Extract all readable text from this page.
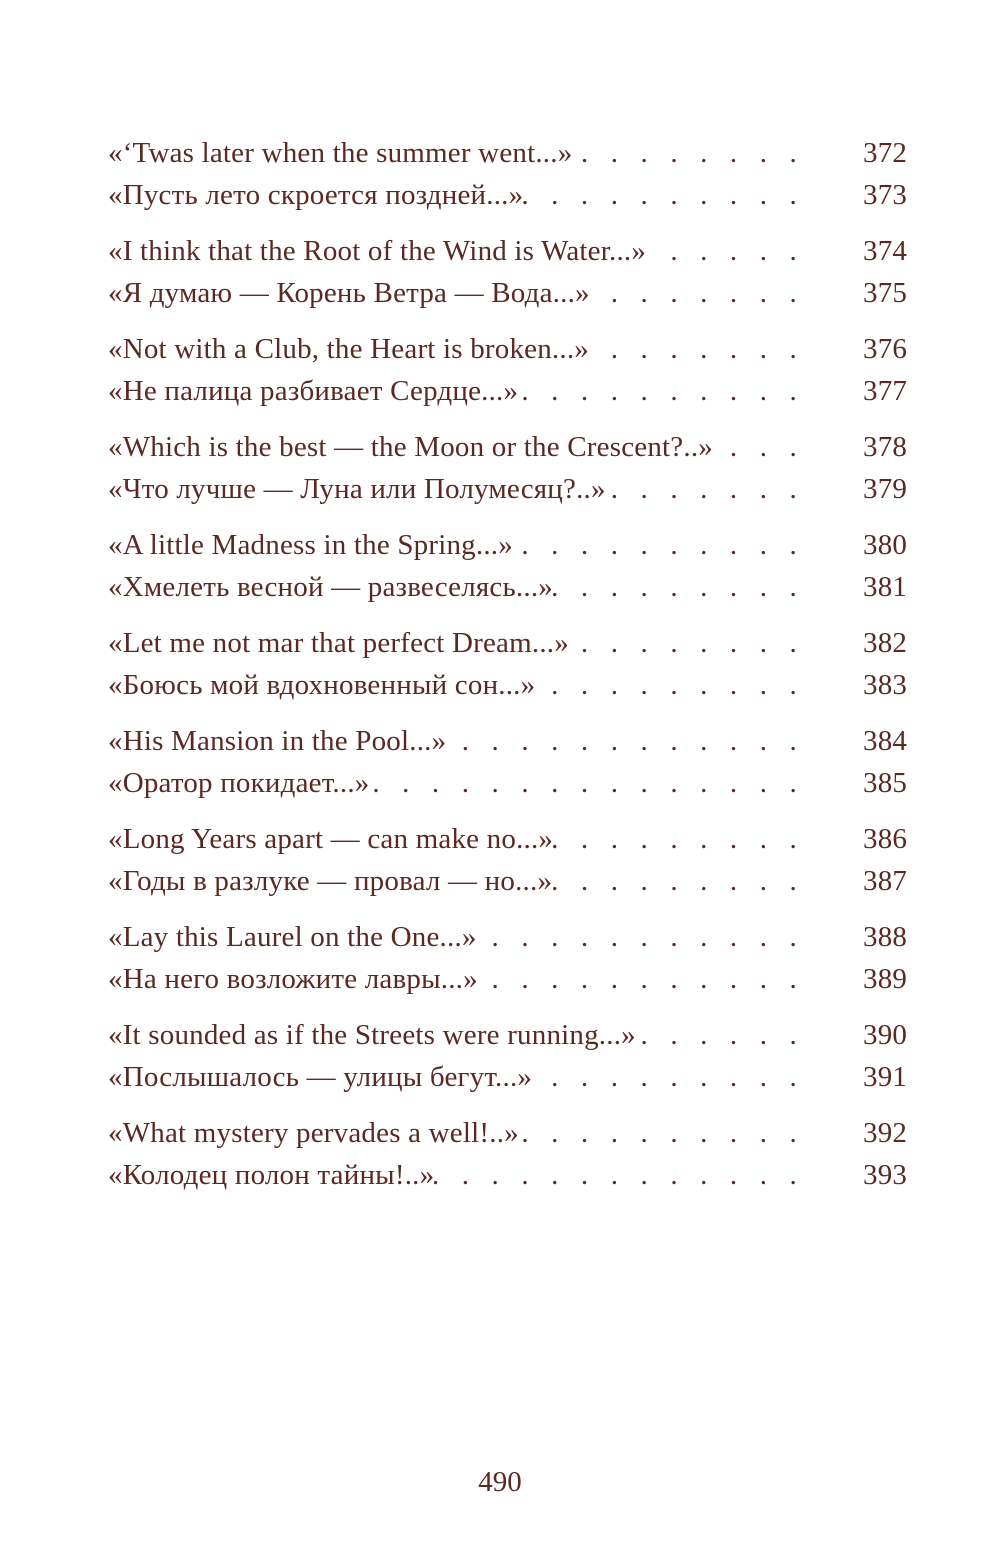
«‘Twas later when the summer went...» .   .	372
«Пусть лето скроется поздней...» .   .	373
«I think that the Root of the Wind is Water...» .   .	374
«Я думаю — Корень Ветра — Вода...» .   .	375
«Not with a Club, the Heart is broken...» .   .	376
«Не палица разбивает Сердце...» .   .	377
«Which is the best — the Moon or the Crescent?..» .   .	378
«Что лучше — Луна или Полумесяц?..» .   .	379
«A little Madness in the Spring...» .   .	380
«Хмелеть весной — развеселясь...» .   .	381
«Let me not mar that perfect Dream...» .   .	382
«Боюсь мой вдохновенный сон...» .   .	383
«His Mansion in the Pool...» .   .	384
«Оратор покидает...» .   .	385
«Long Years apart — can make no...» .   .	386
«Годы в разлуке — провал — но...» .   .	387
«Lay this Laurel on the One...» .   .	388
«На него возложите лавры...» .   .	389
«It sounded as if the Streets were running...» .   .	390
«Послышалось — улицы бегут...» .   .	391
«What mystery pervades a well!..» .   .	392
«Колодец полон тайны!..» .   .	393
490
